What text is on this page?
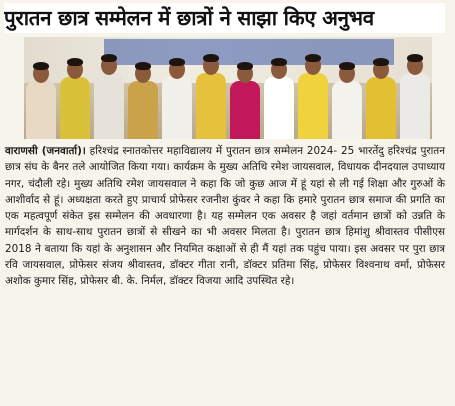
पुरातन छात्र सम्मेलन में छात्रों ने साझा किए अनुभव
वाराणसी (जनवार्ता)। हरिश्चंद्र स्नातकोत्तर महाविद्यालय में पुरातन छात्र सम्मेलन 2024- 25 भारतेंदु हरिश्चंद्र पुरातन छात्र संघ के बैनर तले आयोजित किया गया। कार्यक्रम के मुख्य अतिथि रमेश जायसवाल, विधायक दीनदयाल उपाध्याय नगर, चंदौली रहे। मुख्य अतिथि रमेश जायसवाल ने कहा कि जो कुछ आज में हूं यहां से ली गई शिक्षा और गुरुओं के आशीर्वाद से हूं। अध्यक्षता करते हुए प्राचार्य प्रोफेसर रजनीश कुंवर ने कहा कि हमारे पुरातन छात्र समाज की प्रगति का एक महत्वपूर्ण संकेत इस सम्मेलन की अवधारणा है। यह सम्मेलन एक अवसर है जहां वर्तमान छात्रों को उन्नति के मार्गदर्शन के साथ-साथ पुरातन छात्रों से सीखने का भी अवसर मिलता है। पुरातन छात्र हिमांशु श्रीवास्तव पीसीएस 2018 ने बताया कि यहां के अनुशासन और नियमित कक्षाओं से ही मैं यहां तक पहुंच पाया। इस अवसर पर पुरा छात्र रवि जायसवाल, प्रोफेसर संजय श्रीवास्तव, डॉक्टर गीता रानी, डॉक्टर प्रतिमा सिंह, प्रोफेसर विश्वनाथ वर्मा, प्रोफेसर अशोक कुमार सिंह, प्रोफेसर बी. के. निर्मल, डॉक्टर विजया आदि उपस्थित रहे।
